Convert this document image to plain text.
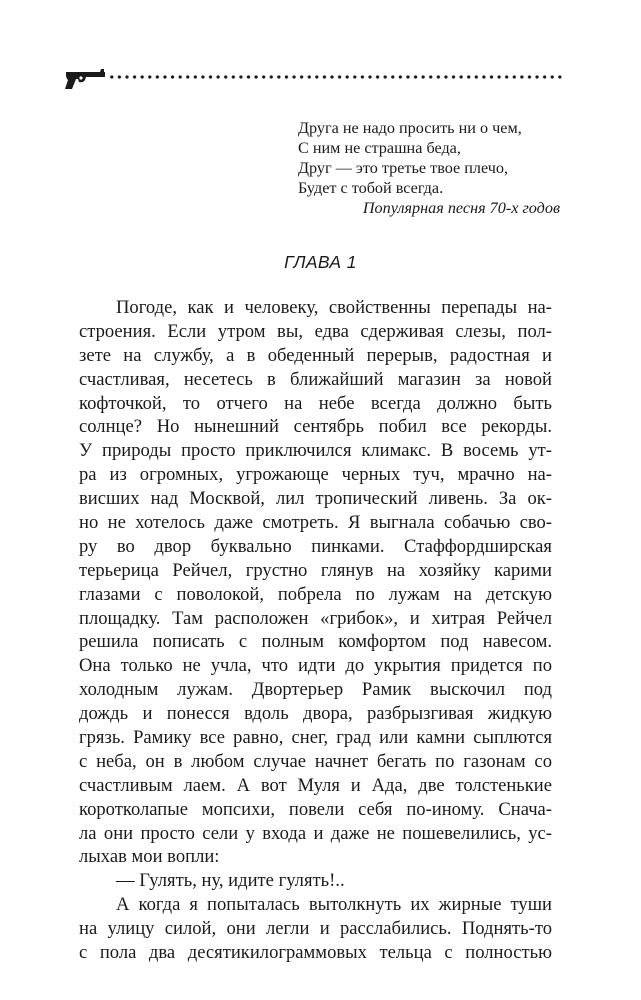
Друга не надо просить ни о чем,
С ним не страшна беда,
Друг — это третье твое плечо,
Будет с тобой всегда.
Популярная песня 70-х годов
ГЛАВА 1
Погоде, как и человеку, свойственны перепады на-
строения. Если утром вы, едва сдерживая слезы, пол-
зете на службу, а в обеденный перерыв, радостная и
счастливая, несетесь в ближайший магазин за новой
кофточкой, то отчего на небе всегда должно быть
солнце? Но нынешний сентябрь побил все рекорды.
У природы просто приключился климакс. В восемь ут-
ра из огромных, угрожающе черных туч, мрачно на-
висших над Москвой, лил тропический ливень. За ок-
но не хотелось даже смотреть. Я выгнала собачью сво-
ру во двор буквально пинками. Стаффордширская
терьерица Рейчел, грустно глянув на хозяйку карими
глазами с поволокой, побрела по лужам на детскую
площадку. Там расположен «грибок», и хитрая Рейчел
решила пописать с полным комфортом под навесом.
Она только не учла, что идти до укрытия придется по
холодным лужам. Двортерьер Рамик выскочил под
дождь и понесся вдоль двора, разбрызгивая жидкую
грязь. Рамику все равно, снег, град или камни сыплются
с неба, он в любом случае начнет бегать по газонам со
счастливым лаем. А вот Муля и Ада, две толстенькие
коротколапые мопсихи, повели себя по-иному. Снача-
ла они просто сели у входа и даже не пошевелились, ус-
лыхав мои вопли:
— Гулять, ну, идите гулять!..
А когда я попыталась вытолкнуть их жирные туши
на улицу силой, они легли и расслабились. Поднять-то
с пола два десятикилограммовых тельца с полностью
